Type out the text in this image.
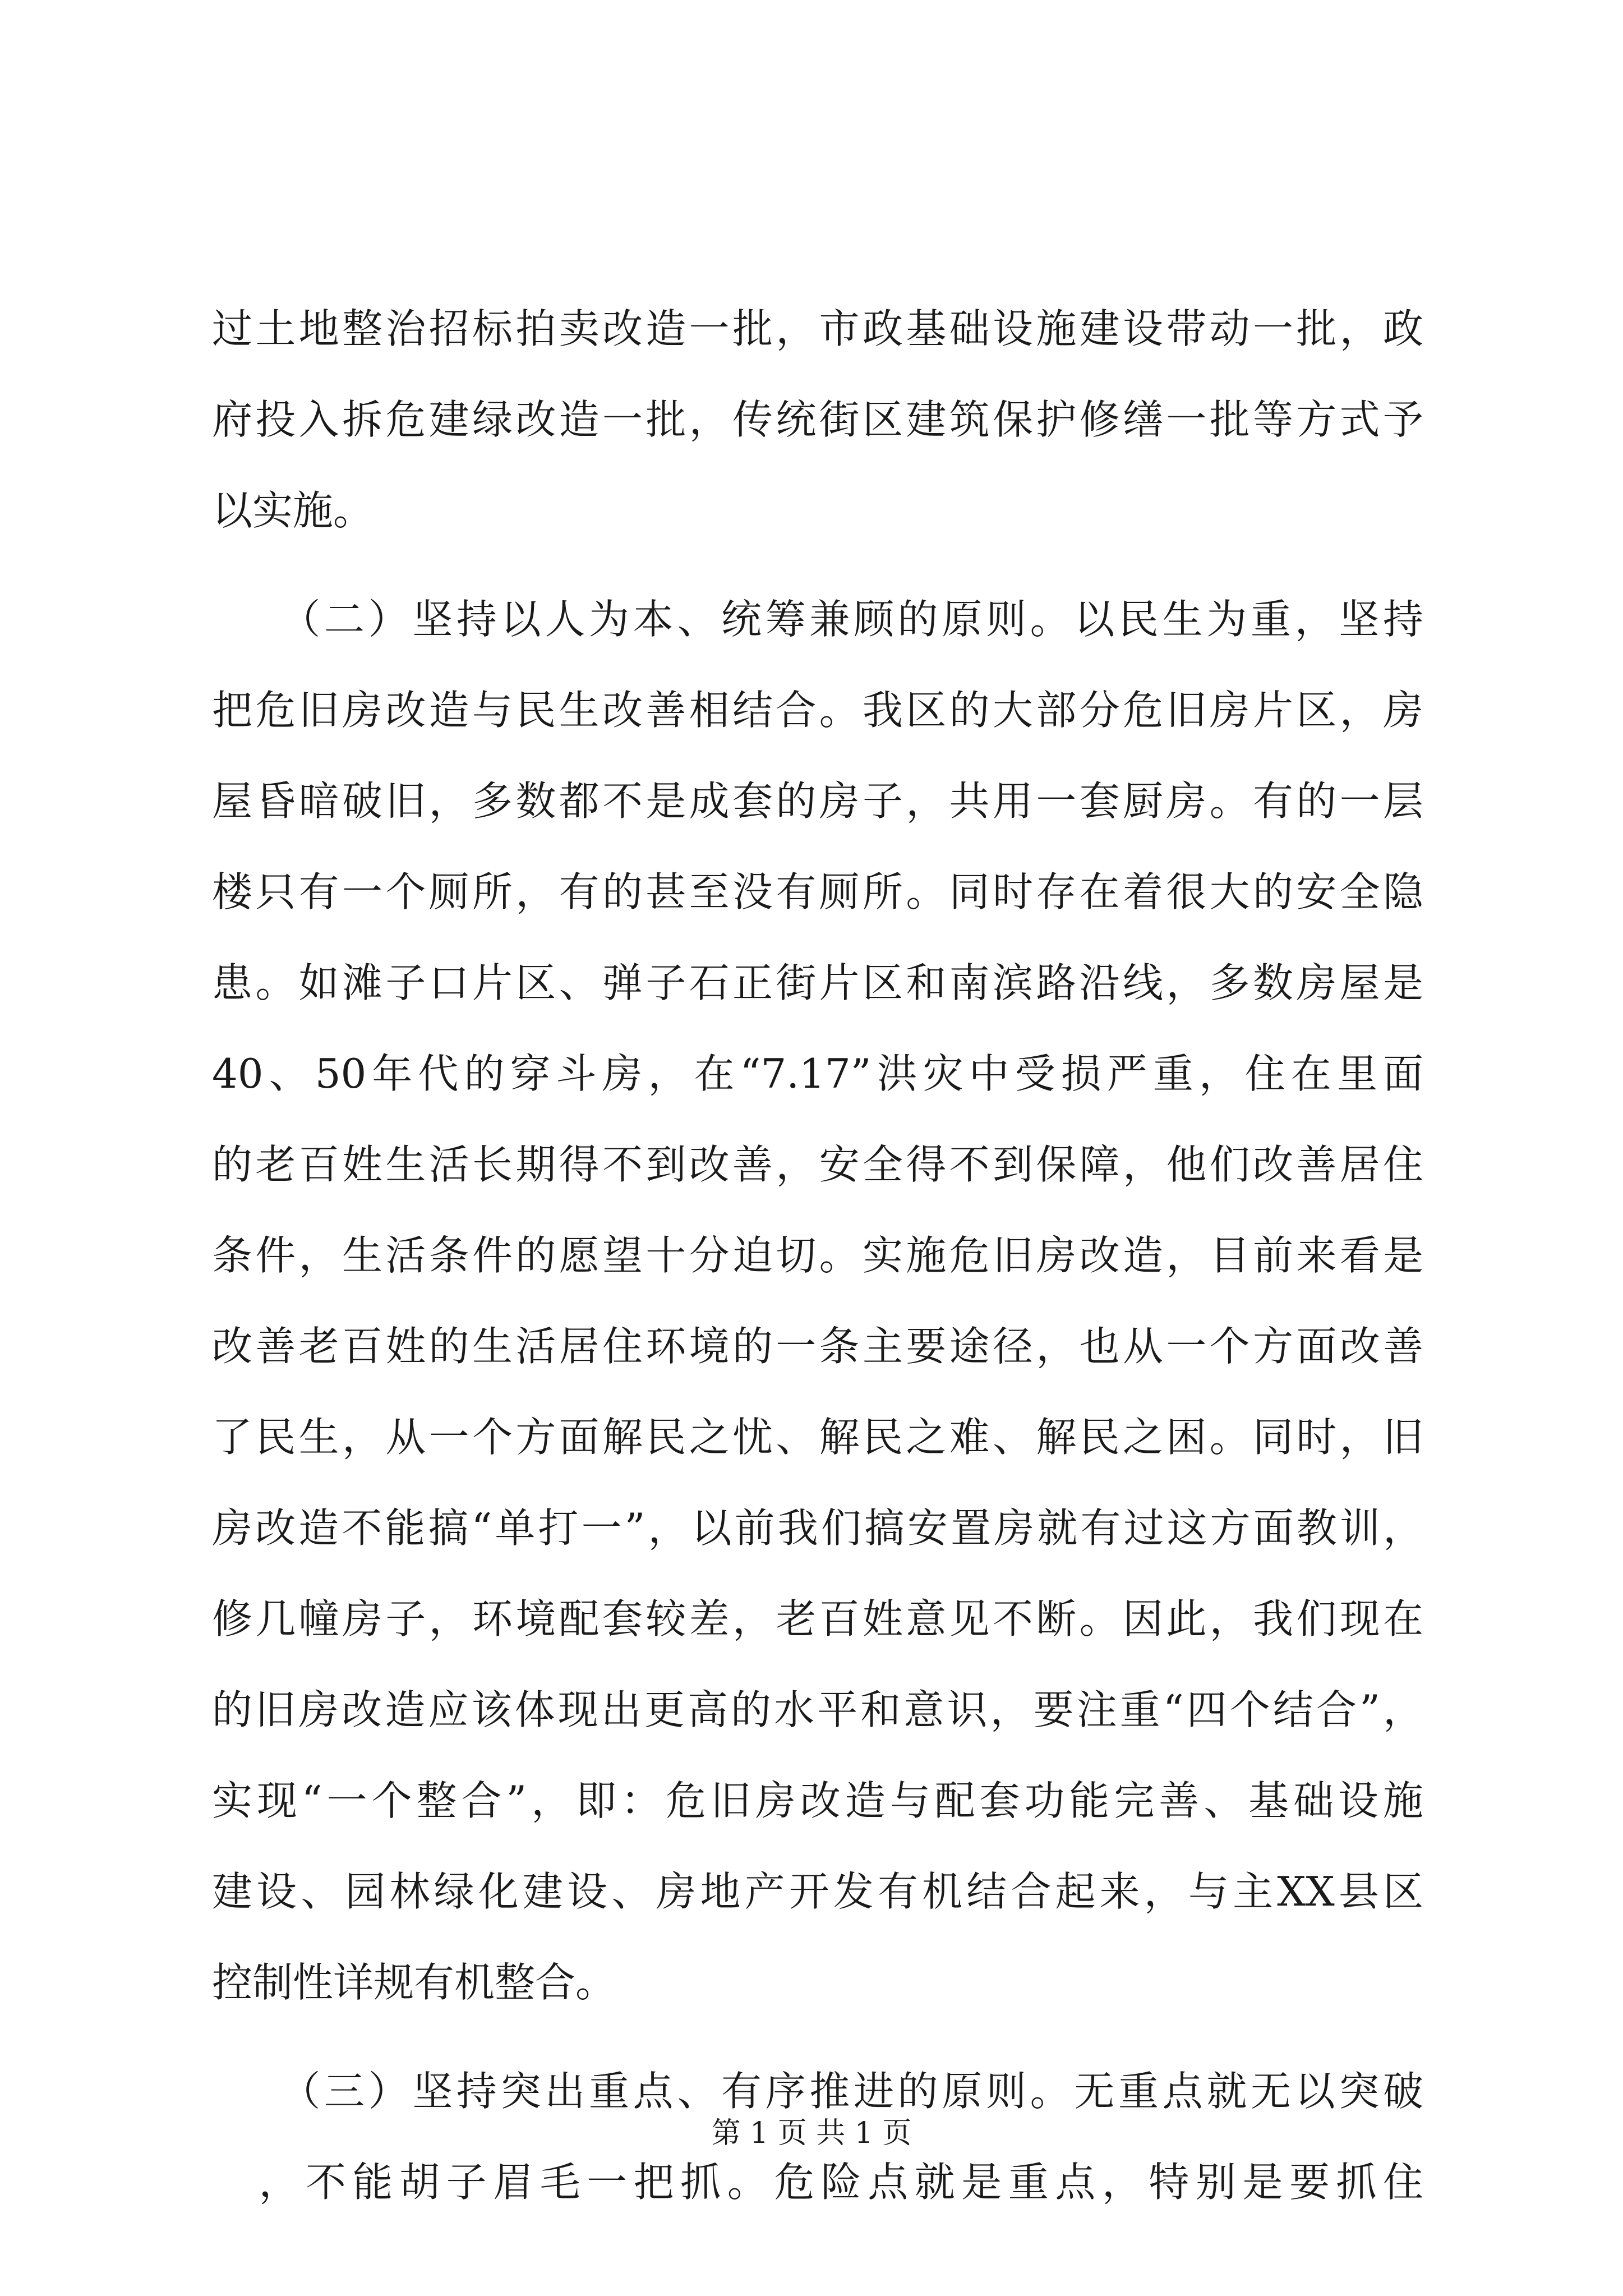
过土地整治招标拍卖改造一批，市政基础设施建设带动一批，政
府投入拆危建绿改造一批，传统街区建筑保护修缮一批等方式予
以实施。
　　（二）坚持以人为本、统筹兼顾的原则。以民生为重，坚持
把危旧房改造与民生改善相结合。我区的大部分危旧房片区，房
屋昏暗破旧，多数都不是成套的房子，共用一套厨房。有的一层
楼只有一个厕所，有的甚至没有厕所。同时存在着很大的安全隐
患。如滩子口片区、弹子石正街片区和南滨路沿线，多数房屋是
40、50年代的穿斗房，在“7.17”洪灾中受损严重，住在里面
的老百姓生活长期得不到改善，安全得不到保障，他们改善居住
条件，生活条件的愿望十分迫切。实施危旧房改造，目前来看是
改善老百姓的生活居住环境的一条主要途径，也从一个方面改善
了民生，从一个方面解民之忧、解民之难、解民之困。同时，旧
房改造不能搞“单打一”，以前我们搞安置房就有过这方面教训，
修几幢房子，环境配套较差，老百姓意见不断。因此，我们现在
的旧房改造应该体现出更高的水平和意识，要注重“四个结合”，
实现“一个整合”，即：危旧房改造与配套功能完善、基础设施
建设、园林绿化建设、房地产开发有机结合起来，与主XX县区
控制性详规有机整合。
　　（三）坚持突出重点、有序推进的原则。无重点就无以突破
　，不能胡子眉毛一把抓。危险点就是重点，特别是要抓住
第 1 页 共 1 页
